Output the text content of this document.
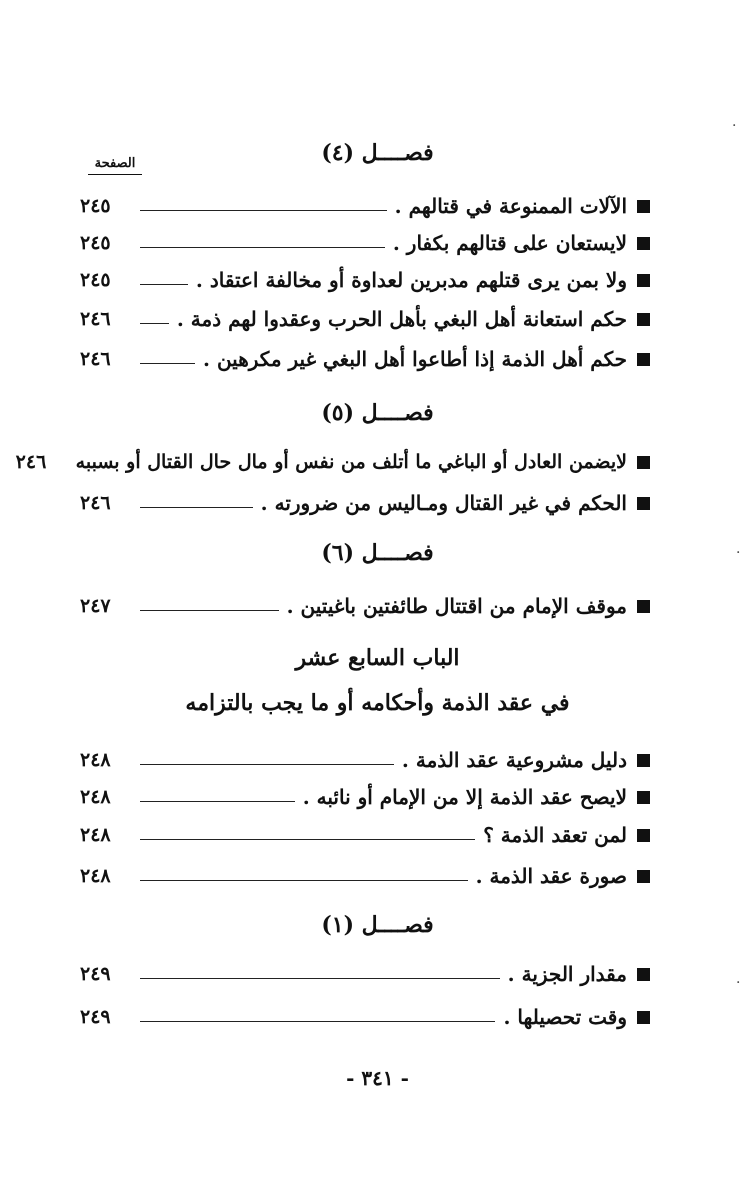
فصــــل (٤)
الصفحة
الآلات الممنوعة في قتالهم .
٢٤٥
لايستعان على قتالهم بكفار .
٢٤٥
ولا بمن يرى قتلهم مدبرين لعداوة أو مخالفة اعتقاد .
٢٤٥
حكم استعانة أهل البغي بأهل الحرب وعقدوا لهم ذمة .
٢٤٦
حكم أهل الذمة إذا أطاعوا أهل البغي غير مكرهين .
٢٤٦
فصــــل (٥)
لايضمن العادل أو الباغي ما أتلف من نفس أو مال حال القتال أو بسببه
٢٤٦
الحكم في غير القتال ومـاليس من ضرورته .
٢٤٦
فصــــل (٦)
موقف الإمام من اقتتال طائفتين باغيتين .
٢٤٧
الباب السابع عشر
في عقد الذمة وأحكامه أو ما يجب بالتزامه
دليل مشروعية عقد الذمة .
٢٤٨
لايصح عقد الذمة إلا من الإمام أو نائبه .
٢٤٨
لمن تعقد الذمة ؟
٢٤٨
صورة عقد الذمة .
٢٤٨
فصــــل (١)
مقدار الجزية .
٢٤٩
وقت تحصيلها .
٢٤٩
- ٣٤١ -
·
·
·
